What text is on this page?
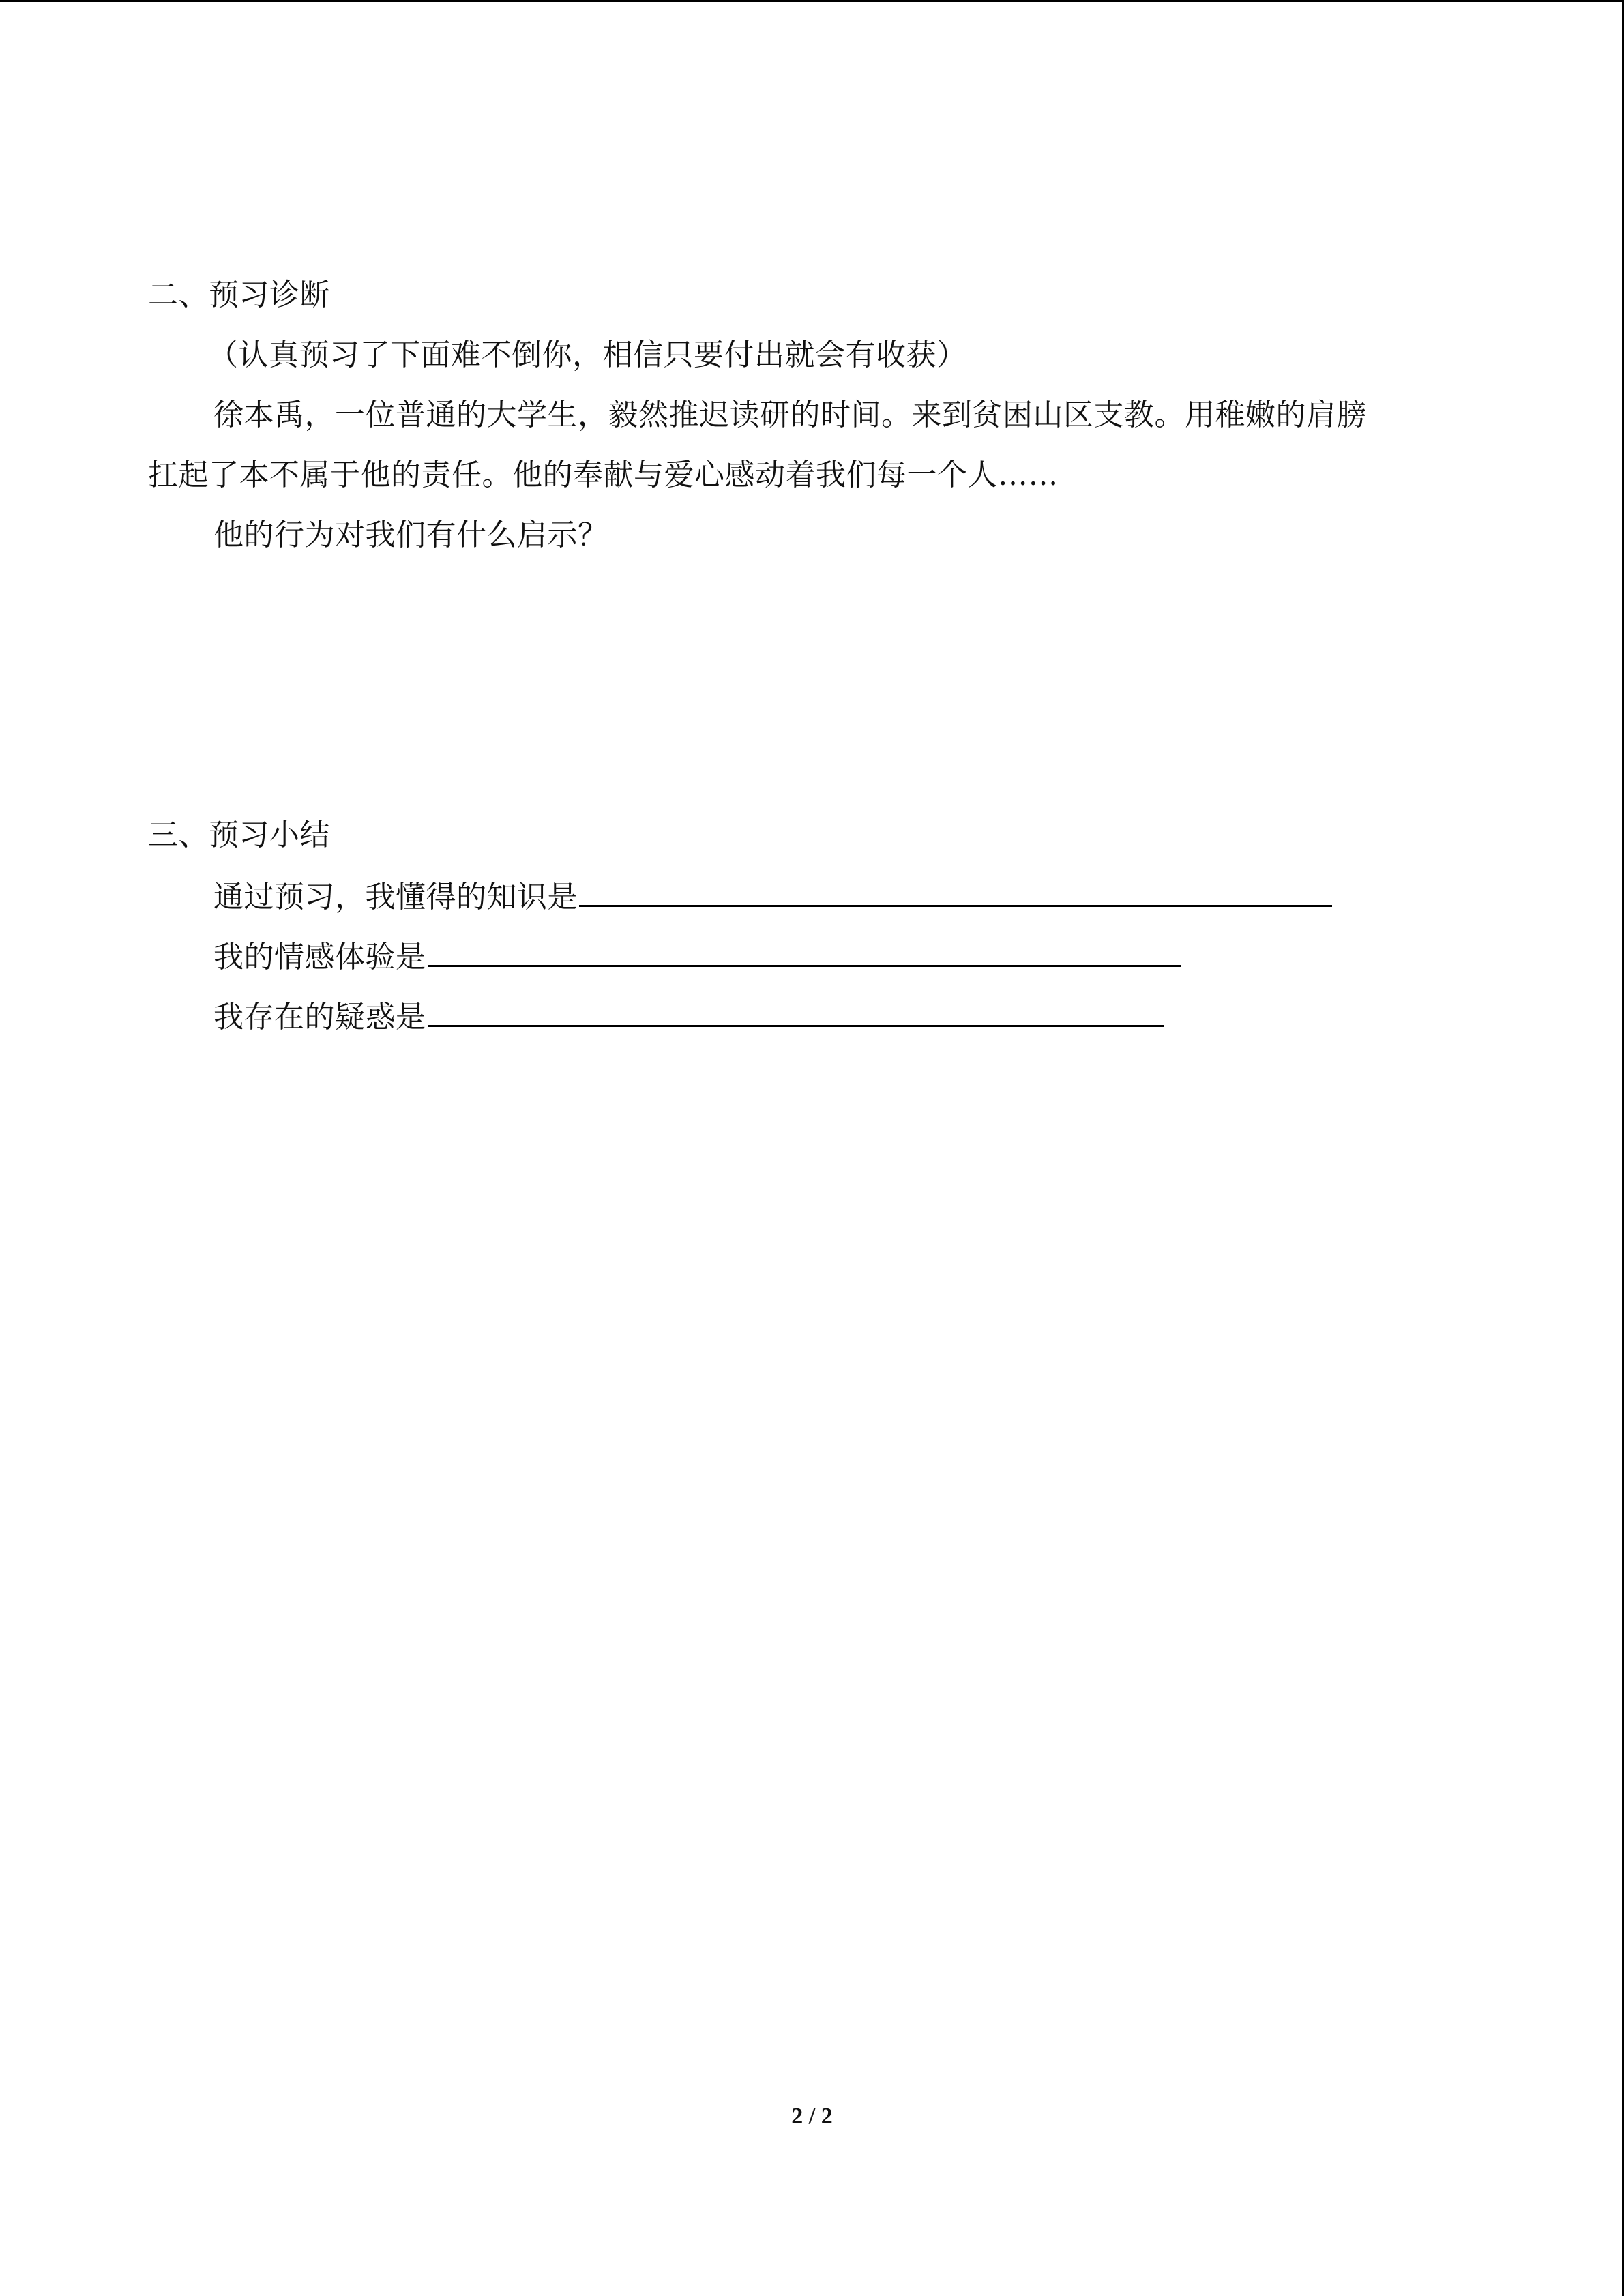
二、预习诊断
（认真预习了下面难不倒你，相信只要付出就会有收获）
徐本禹，一位普通的大学生，毅然推迟读研的时间。来到贫困山区支教。用稚嫩的肩膀
扛起了本不属于他的责任。他的奉献与爱心感动着我们每一个人……
他的行为对我们有什么启示？
三、预习小结
通过预习，我懂得的知识是
我的情感体验是
我存在的疑惑是
2 / 2
